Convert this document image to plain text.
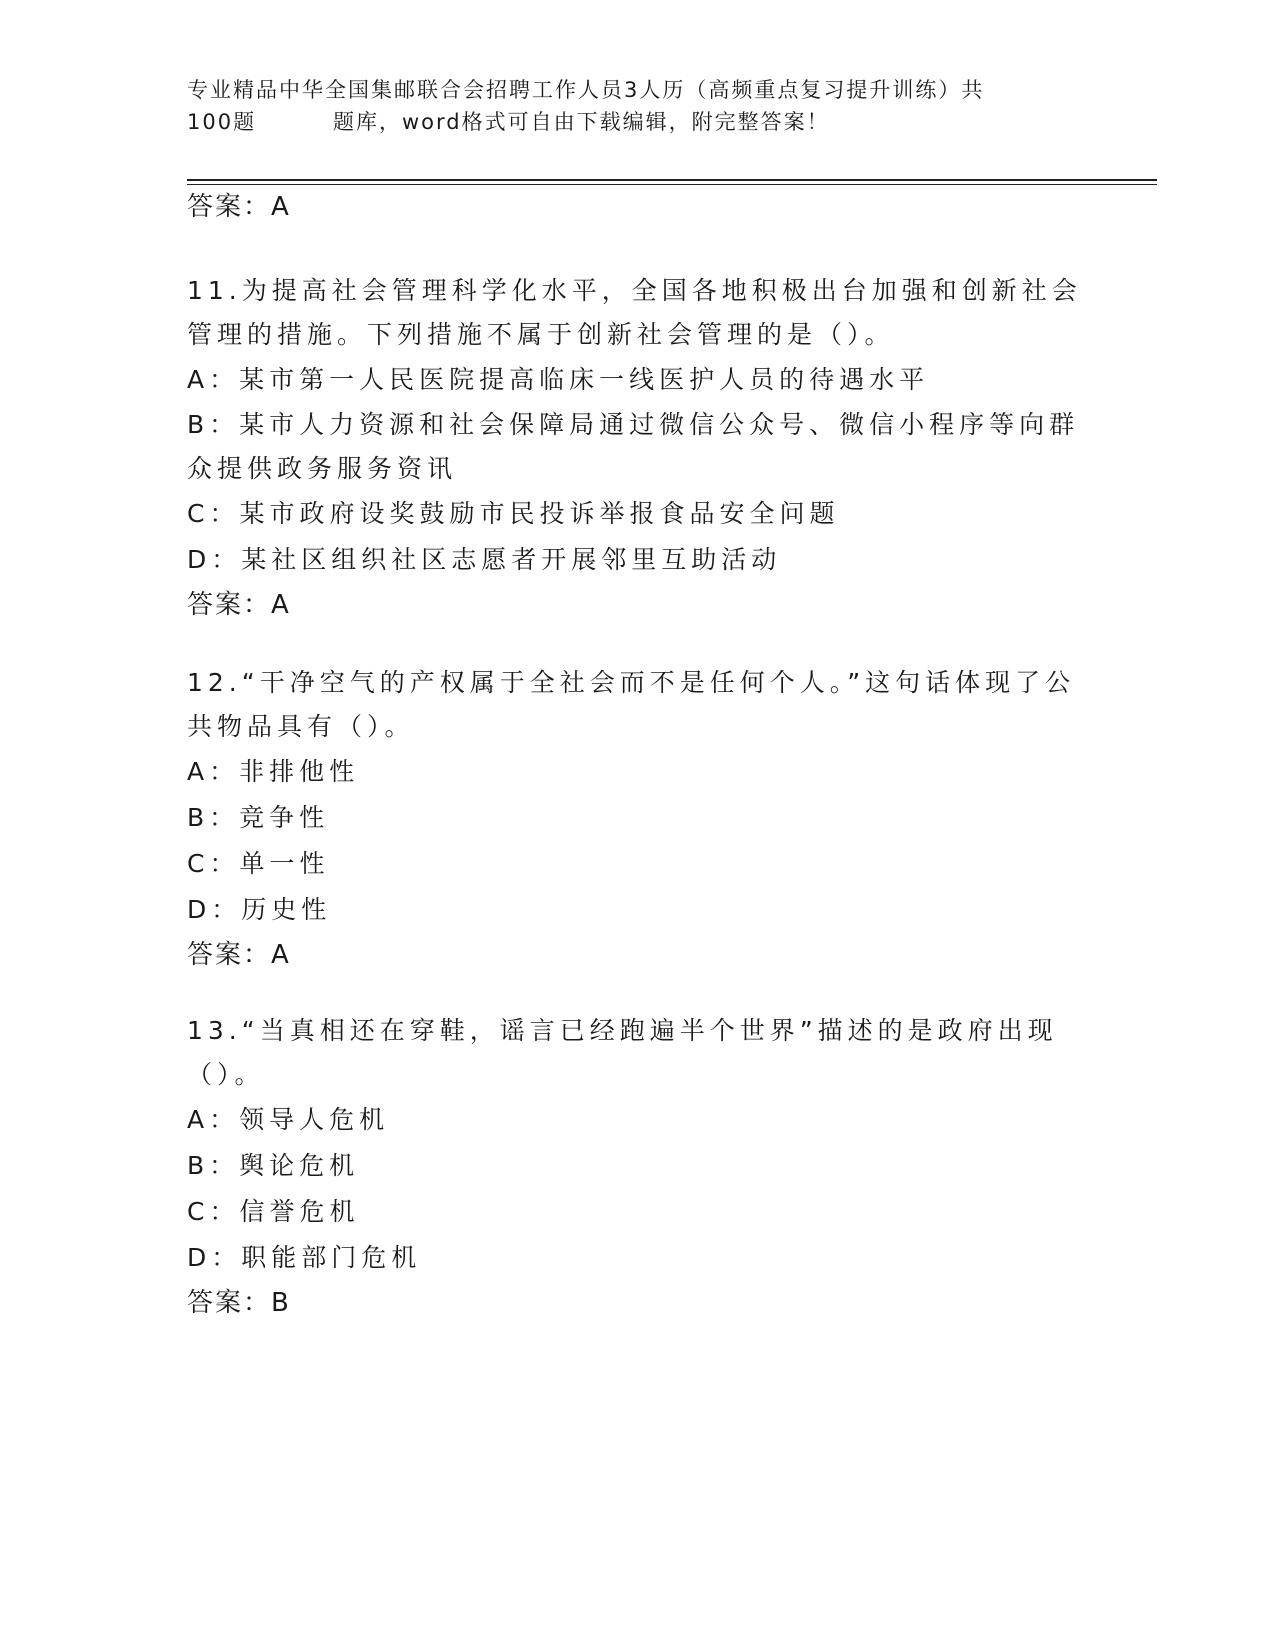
专业精品中华全国集邮联合会招聘工作人员3人历（高频重点复习提升训练）共
100题	题库，word格式可自由下载编辑，附完整答案！

答案：A

11.为提高社会管理科学化水平，全国各地积极出台加强和创新社会管理的措施。下列措施不属于创新社会管理的是（）。

A：某市第一人民医院提高临床一线医护人员的待遇水平

B：某市人力资源和社会保障局通过微信公众号、微信小程序等向群众提供政务服务资讯

C：某市政府设奖鼓励市民投诉举报食品安全问题

D：某社区组织社区志愿者开展邻里互助活动

答案：A

12.“干净空气的产权属于全社会而不是任何个人。”这句话体现了公共物品具有（）。

A：非排他性

B：竞争性

C：单一性

D：历史性

答案：A

13.“当真相还在穿鞋，谣言已经跑遍半个世界”描述的是政府出现（）。

A：领导人危机

B：舆论危机

C：信誉危机

D：职能部门危机

答案：B
